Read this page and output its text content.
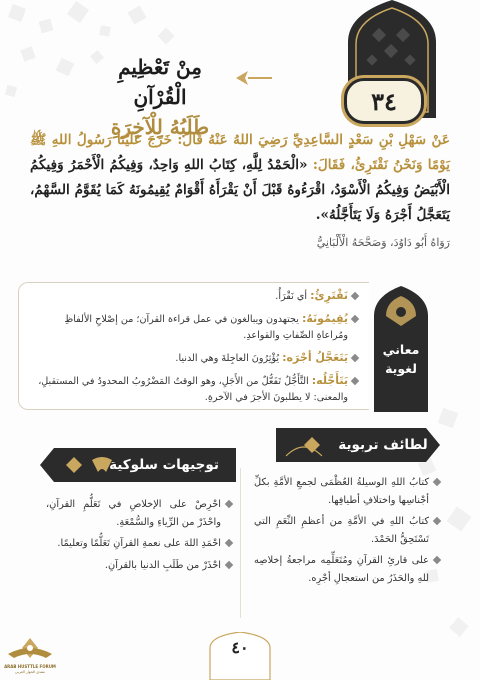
٣٤
مِنْ تَعْظِيمِ الْقُرْآنِ
طَلَبُهُ لِلْآخِرَةِ
عَنْ سَهْلِ بْنِ سَعْدٍ السَّاعِدِيِّ رَضِيَ اللهُ عَنْهُ قَالَ: خَرَجَ عَلَيْنَا رَسُولُ اللهِ ﷺ يَوْمًا وَنَحْنُ نَقْتَرِئُ، فَقَالَ: «الْحَمْدُ لِلَّهِ، كِتَابُ اللهِ وَاحِدٌ، وَفِيكُمُ الْأَحْمَرُ وَفِيكُمُ الْأَبْيَضُ وَفِيكُمُ الْأَسْوَدُ، اقْرَءُوهُ قَبْلَ أَنْ يَقْرَأَهُ أَقْوَامٌ يُقِيمُونَهُ كَمَا يُقَوَّمُ السَّهْمُ، يَتَعَجَّلُ أَجْرَهُ وَلَا يَتَأَجَّلُهُ».
رَوَاهُ أَبُو دَاوُدَ، وَصَحَّحَهُ الْأَلْبَانِيُّ
معاني
لغوية
نَقْتَرِئُ: أي نَقْرَأُ.
يُقِيمُونَهُ: يجتهدون ويبالغون في عمل قراءة القرآن؛ من إصْلاحِ الألفاظِ ومُراعاةِ الصِّفاتِ والقواعدِ.
يَتَعَجَّلُ أجْرَه: يُؤْثِرُونَ العاجِلةَ وهي الدنيا.
يَتَأَجَّلُه: التَّأَجُّلُ تَفَعُّلٌ من الأَجَلِ، وهو الوقتُ المَضْرُوبُ المحدودُ في المستقبلِ، والمعنى: لا يطلبونَ الأجرَ في الآخرةِ.
لطائف تربوية
توجيهات سلوكية
كتابُ اللهِ الوسيلةُ العُظْمَى لجمعِ الأمَّةِ بكلِّ أجْناسِها واختلافِ أطيافِها.
كتابُ اللهِ في الأمَّةِ من أعظمِ النِّعَمِ التي تَسْتَحِقُّ الحَمْدَ.
على قارئِ القرآنِ ومُتَعَلِّمِه مراجعةُ إخلاصِه للهِ والحَذَرُ من استعجالِ أجْرِه.
احْرِصْ على الإخلاصِ في تَعَلُّمِ القرآنِ، واحْذَرْ من الرِّياءِ والسُّمْعَةِ.
احْمَدِ اللهَ على نعمةِ القرآنِ تَعَلُّمًا وتعليمًا.
احْذَرْ من طَلَبِ الدنيا بالقرآنِ.
٤٠
ARAB HUSTTLE FORUM
منتدى الحوار العربي
